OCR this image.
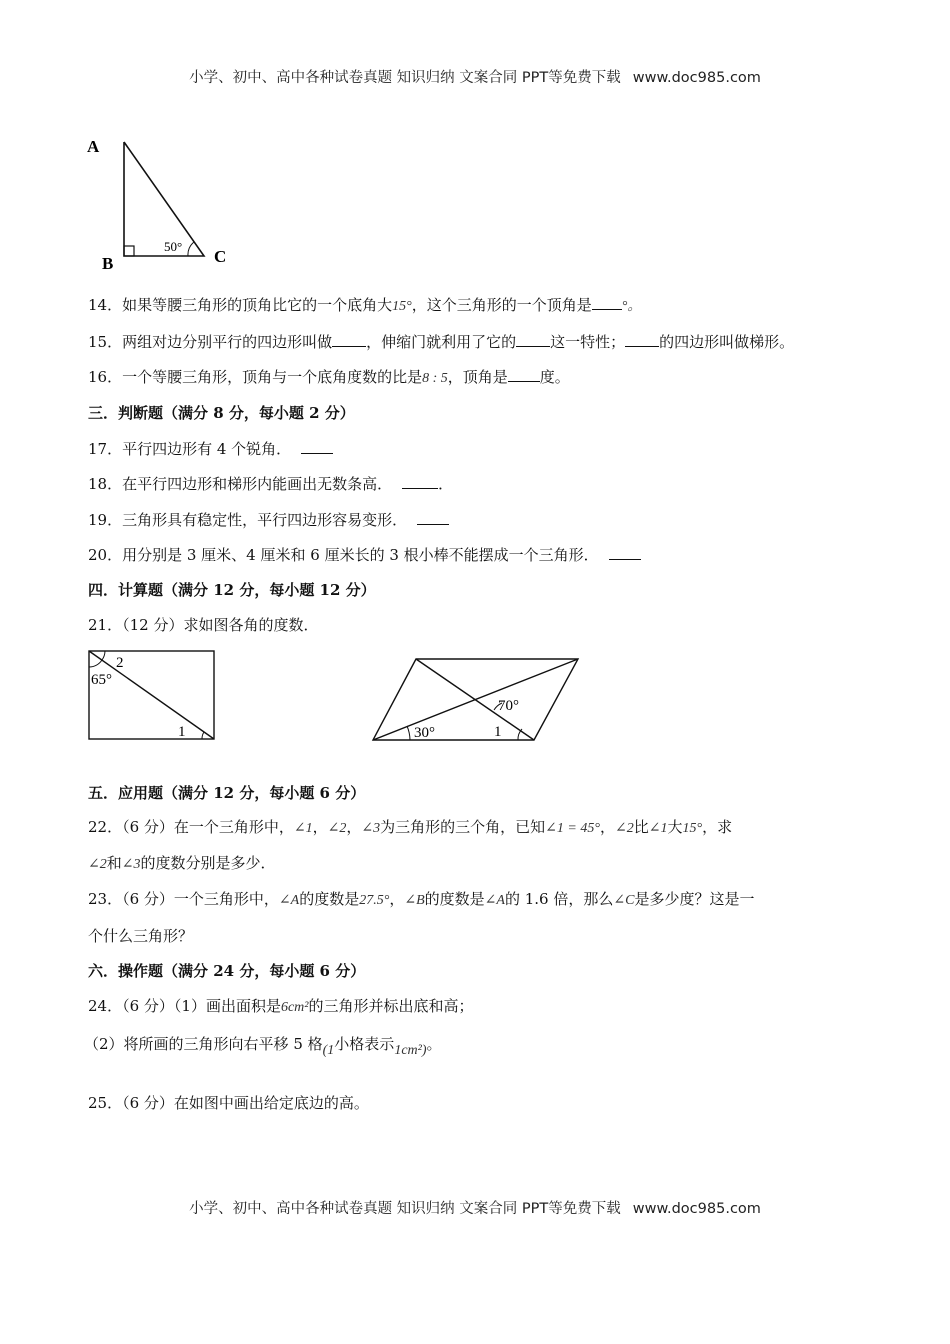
小学、初中、高中各种试卷真题 知识归纳 文案合同 PPT等免费下载 www.doc985.com
A
B	C
50°
14．如果等腰三角形的顶角比它的一个底角大15°，这个三角形的一个顶角是 °。
15．两组对边分别平行的四边形叫做 ，伸缩门就利用了它的 这一特性； 的四边形叫做梯形。
16．一个等腰三角形，顶角与一个底角度数的比是8 : 5，顶角是 度。
三．判断题（满分 8 分，每小题 2 分）
17．平行四边形有 4 个锐角．
18．在平行四边形和梯形内能画出无数条高．	．
19．三角形具有稳定性，平行四边形容易变形．
20．用分别是 3 厘米、4 厘米和 6 厘米长的 3 根小棒不能摆成一个三角形．
四．计算题（满分 12 分，每小题 12 分）
21．（12 分）求如图各角的度数．
65°
2
1
70°
30°	1
五．应用题（满分 12 分，每小题 6 分）
22．（6 分）在一个三角形中，∠1，∠2，∠3为三角形的三个角，已知∠1 = 45°，∠2比∠1大15°，求
∠2和∠3的度数分别是多少．
23．（6 分）一个三角形中，∠A的度数是27.5°，∠B的度数是∠A的 1.6 倍，那么∠C是多少度？这是一
个什么三角形？
六．操作题（满分 24 分，每小题 6 分）
24．（6 分）（1）画出面积是6cm²的三角形并标出底和高；
（2）将所画的三角形向右平移 5 格(1小格表示1cm²)。
25．（6 分）在如图中画出给定底边的高。
小学、初中、高中各种试卷真题 知识归纳 文案合同 PPT等免费下载 www.doc985.com
